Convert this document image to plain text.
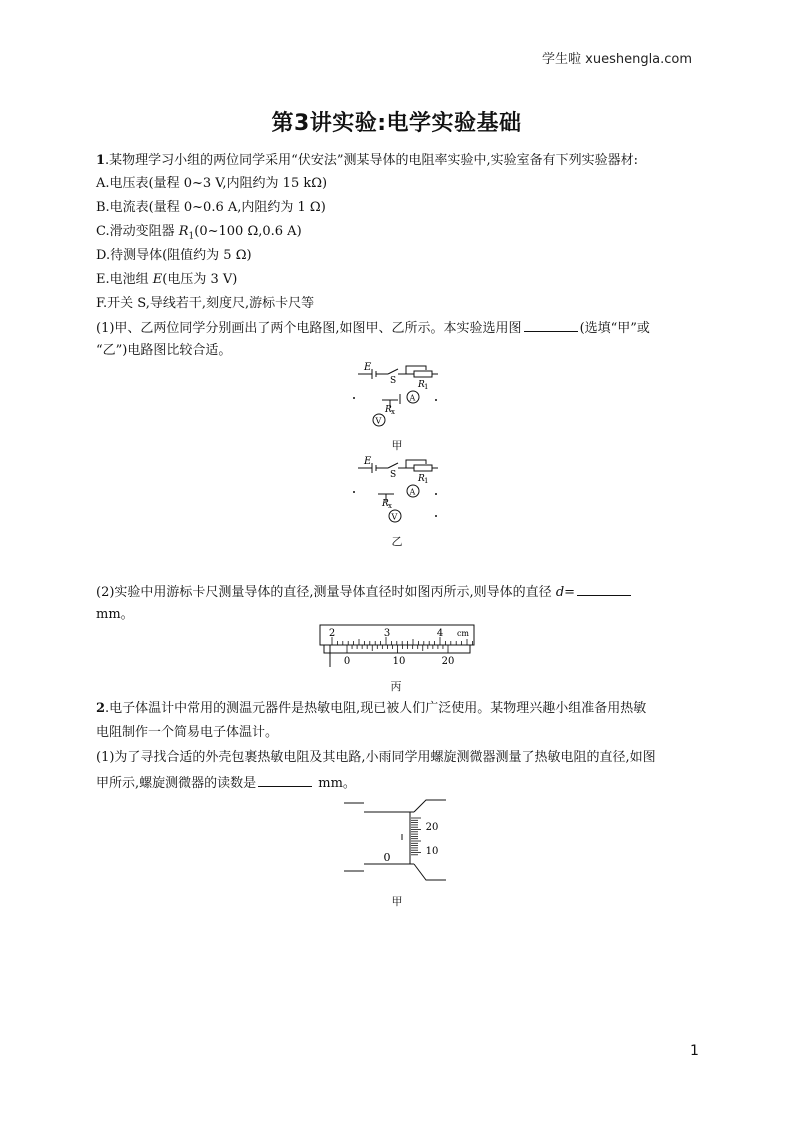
学生啦 xueshengla.com
第3讲实验:电学实验基础
1.某物理学习小组的两位同学采用“伏安法”测某导体的电阻率实验中,实验室备有下列实验器材:
A.电压表(量程 0~3 V,内阻约为 15 kΩ)
B.电流表(量程 0~0.6 A,内阻约为 1 Ω)
C.滑动变阻器 $R_1(0\sim 100$ Ω,0.6 A)
D.待测导体(阻值约为 5 Ω)
E.电池组 E(电压为 3 V)
F.开关 S,导线若干,刻度尺,游标卡尺等
(1)甲、乙两位同学分别画出了两个电路图,如图甲、乙所示。本实验选用图	(选填“甲”或
“乙”)电路图比较合适。
E
S R 1
R x
A
V
甲
E
S R 1
R x
A
V
乙
(2)实验中用游标卡尺测量导体的直径,测量导体直径时如图丙所示,则导体的直径 d=
mm。
2	3	4 cm
0	10	20
丙
2.电子体温计中常用的测温元器件是热敏电阻,现已被人们广泛使用。某物理兴趣小组准备用热敏
电阻制作一个简易电子体温计。
(1)为了寻找合适的外壳包裹热敏电阻及其电路,小雨同学用螺旋测微器测量了热敏电阻的直径,如图
甲所示,螺旋测微器的读数是	mm。
0
20
10
甲
1
